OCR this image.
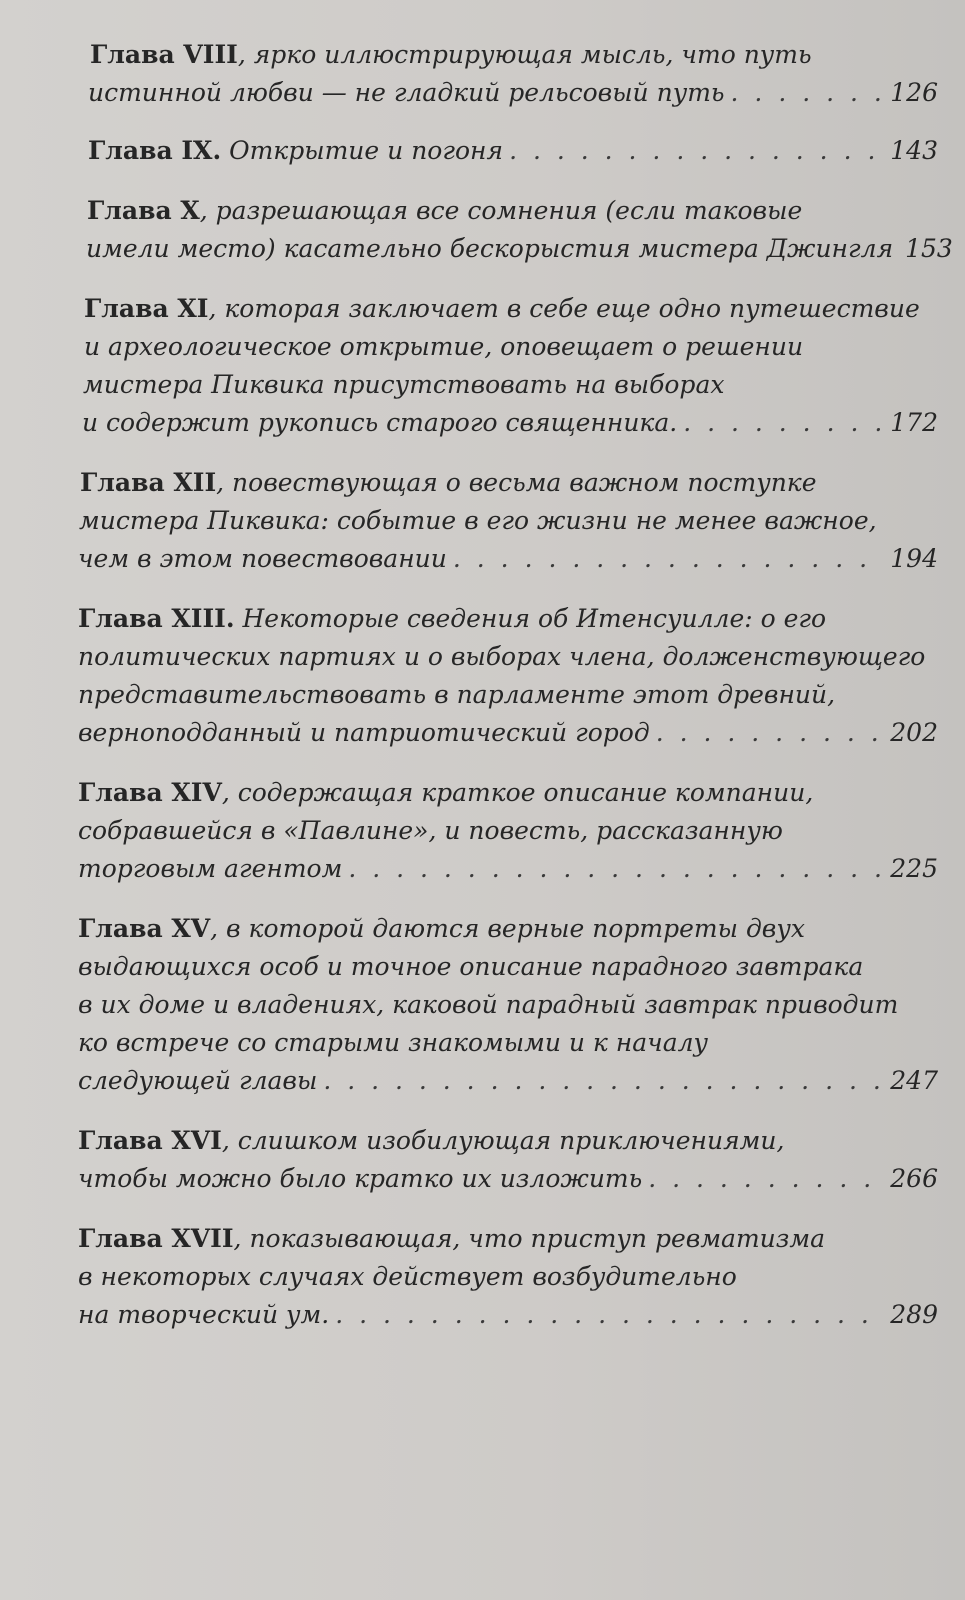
Глава VIII, ярко иллюстрирующая мысль, что путь
истинной любви — не гладкий рельсовый путь . . .	126
Глава IX. Открытие и погоня . . .	143
Глава X, разрешающая все сомнения (если таковые
имели место) касательно бескорыстия мистера Джингля 153
Глава XI, которая заключает в себе еще одно путешествие
и археологическое открытие, оповещает о решении
мистера Пиквика присутствовать на выборах
и содержит рукопись старого священника. . . .	172
Глава XII, повествующая о весьма важном поступке
мистера Пиквика: событие в его жизни не менее важное,
чем в этом повествовании . . .	194
Глава XIII. Некоторые сведения об Итенсуилле: о его
политических партиях и о выборах члена, долженствующего
представительствовать в парламенте этот древний,
верноподданный и патриотический город . . .	202
Глава XIV, содержащая краткое описание компании,
собравшейся в «Павлине», и повесть, рассказанную
торговым агентом . . .	225
Глава XV, в которой даются верные портреты двух
выдающихся особ и точное описание парадного завтрака
в их доме и владениях, каковой парадный завтрак приводит
ко встрече со старыми знакомыми и к началу
следующей главы . . .	247
Глава XVI, слишком изобилующая приключениями,
чтобы можно было кратко их изложить . . .	266
Глава XVII, показывающая, что приступ ревматизма
в некоторых случаях действует возбудительно
на творческий ум. . . .	289
